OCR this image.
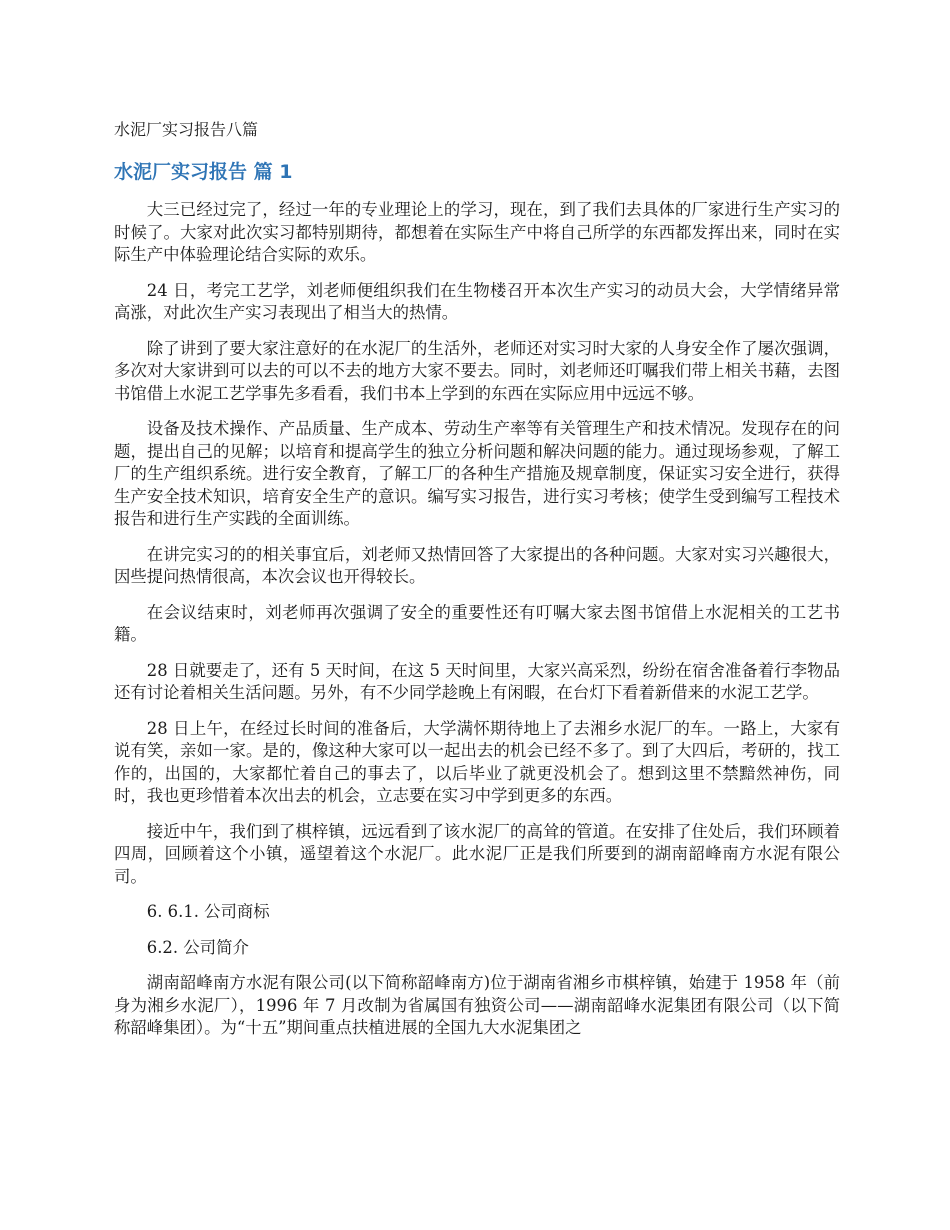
水泥厂实习报告八篇
水泥厂实习报告 篇 1

大三已经过完了，经过一年的专业理论上的学习，现在，到了我们去具体的厂家进行生产实习的时候了。大家对此次实习都特别期待，都想着在实际生产中将自己所学的东西都发挥出来，同时在实际生产中体验理论结合实际的欢乐。

24 日，考完工艺学，刘老师便组织我们在生物楼召开本次生产实习的动员大会，大学情绪异常高涨，对此次生产实习表现出了相当大的热情。

除了讲到了要大家注意好的在水泥厂的生活外，老师还对实习时大家的人身安全作了屡次强调，多次对大家讲到可以去的可以不去的地方大家不要去。同时，刘老师还叮嘱我们带上相关书藉，去图书馆借上水泥工艺学事先多看看，我们书本上学到的东西在实际应用中远远不够。

设备及技术操作、产品质量、生产成本、劳动生产率等有关管理生产和技术情况。发现存在的问题，提出自己的见解；以培育和提高学生的独立分析问题和解决问题的能力。通过现场参观，了解工厂的生产组织系统。进行安全教育，了解工厂的各种生产措施及规章制度，保证实习安全进行，获得生产安全技术知识，培育安全生产的意识。编写实习报告，进行实习考核；使学生受到编写工程技术报告和进行生产实践的全面训练。

在讲完实习的的相关事宜后，刘老师又热情回答了大家提出的各种问题。大家对实习兴趣很大，因些提问热情很高，本次会议也开得较长。

在会议结束时，刘老师再次强调了安全的重要性还有叮嘱大家去图书馆借上水泥相关的工艺书籍。

28 日就要走了，还有 5 天时间，在这 5 天时间里，大家兴高采烈，纷纷在宿舍准备着行李物品还有讨论着相关生活问题。另外，有不少同学趁晚上有闲暇，在台灯下看着新借来的水泥工艺学。

28 日上午，在经过长时间的准备后，大学满怀期待地上了去湘乡水泥厂的车。一路上，大家有说有笑，亲如一家。是的，像这种大家可以一起出去的机会已经不多了。到了大四后，考研的，找工作的，出国的，大家都忙着自己的事去了，以后毕业了就更没机会了。想到这里不禁黯然神伤，同时，我也更珍惜着本次出去的机会，立志要在实习中学到更多的东西。

接近中午，我们到了棋梓镇，远远看到了该水泥厂的高耸的管道。在安排了住处后，我们环顾着四周，回顾着这个小镇，遥望着这个水泥厂。此水泥厂正是我们所要到的湖南韶峰南方水泥有限公司。

6. 6.1. 公司商标
6.2. 公司简介

湖南韶峰南方水泥有限公司(以下简称韶峰南方)位于湖南省湘乡市棋梓镇，始建于 1958 年（前身为湘乡水泥厂），1996 年 7 月改制为省属国有独资公司——湖南韶峰水泥集团有限公司（以下简称韶峰集团）。为“十五”期间重点扶植进展的全国九大水泥集团之
